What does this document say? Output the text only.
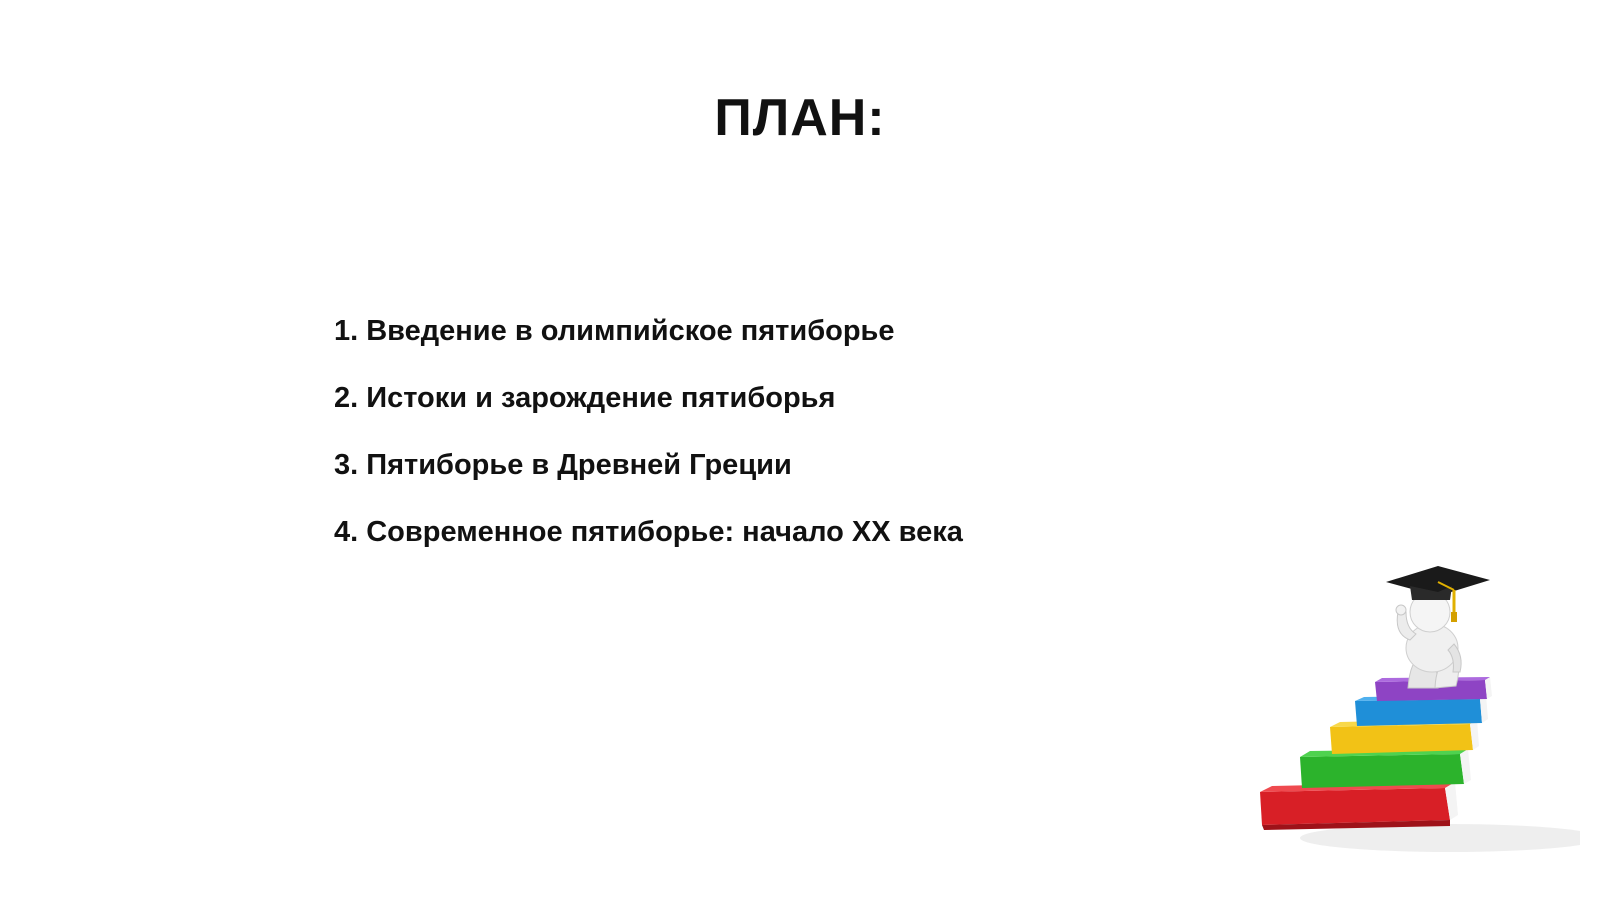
ПЛАН:
1. Введение в олимпийское пятиборье
2. Истоки и зарождение пятиборья
3. Пятиборье в Древней Греции
4. Современное пятиборье: начало XX века
